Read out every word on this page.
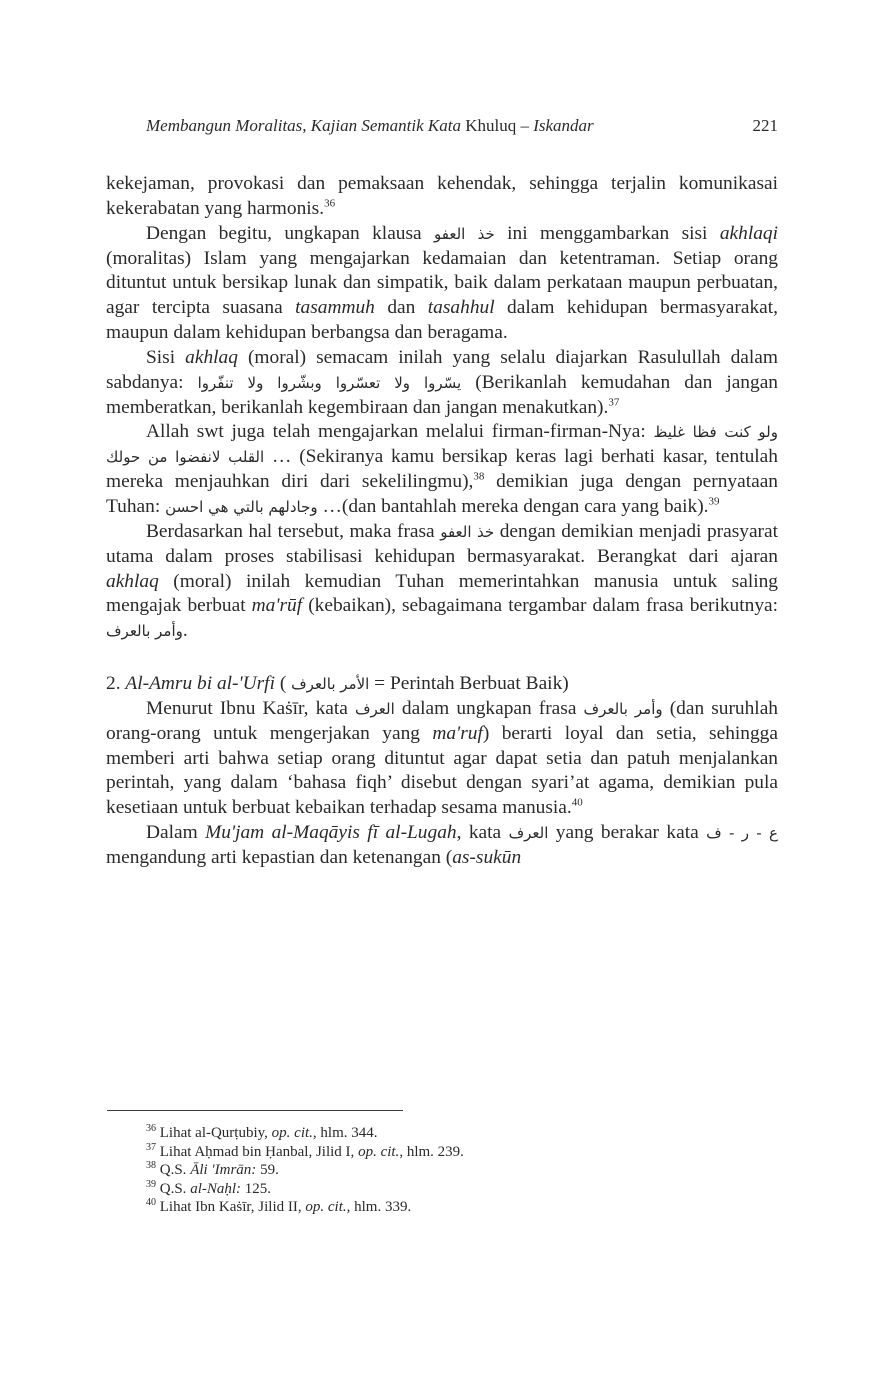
Membangun Moralitas, Kajian Semantik Kata Khuluq – Iskandar	221

kekejaman, provokasi dan pemaksaan kehendak, sehingga terjalin komunikasai kekerabatan yang harmonis.$^{36}$

Dengan begitu, ungkapan klausa خذ العفو ini menggambarkan sisi akhlaqi (moralitas) Islam yang mengajarkan kedamaian dan ketentraman. Setiap orang dituntut untuk bersikap lunak dan simpatik, baik dalam perkataan maupun perbuatan, agar tercipta suasana tasammuh dan tasahhul dalam kehidupan bermasyarakat, maupun dalam kehidupan berbangsa dan beragama.

Sisi akhlaq (moral) semacam inilah yang selalu diajarkan Rasulullah dalam sabdanya: يسّروا ولا تعسّروا وبشّروا ولا تنفّروا (Berikanlah kemudahan dan jangan memberatkan, berikanlah kegembiraan dan jangan menakutkan).$^{37}$

Allah swt juga telah mengajarkan melalui firman-firman-Nya: ولو كنت فظا غليظ القلب لانفضوا من حولك … (Sekiranya kamu bersikap keras lagi berhati kasar, tentulah mereka menjauhkan diri dari sekelilingmu),$^{38}$ demikian juga dengan pernyataan Tuhan: وجادلهم بالتي هي احسن …(dan bantahlah mereka dengan cara yang baik).$^{39}$

Berdasarkan hal tersebut, maka frasa خذ العفو dengan demikian menjadi prasyarat utama dalam proses stabilisasi kehidupan bermasyarakat. Berangkat dari ajaran akhlaq (moral) inilah kemudian Tuhan memerintahkan manusia untuk saling mengajak berbuat ma'rūf (kebaikan), sebagaimana tergambar dalam frasa berikutnya: وأمر بالعرف.

2. Al-Amru bi al-'Urfi ( الأمر بالعرف = Perintah Berbuat Baik)

Menurut Ibnu Kaṡīr, kata العرف dalam ungkapan frasa وأمر بالعرف (dan suruhlah orang-orang untuk mengerjakan yang ma'ruf) berarti loyal dan setia, sehingga memberi arti bahwa setiap orang dituntut agar dapat setia dan patuh menjalankan perintah, yang dalam ‘bahasa fiqh’ disebut dengan syari’at agama, demikian pula kesetiaan untuk berbuat kebaikan terhadap sesama manusia.$^{40}$

Dalam Mu'jam al-Maqāyis fī al-Lugah, kata العرف yang berakar kata ع - ر - ف mengandung arti kepastian dan ketenangan (as-sukūn

$^{36}$ Lihat al-Qurṭubiy, op. cit., hlm. 344.
$^{37}$ Lihat Aḥmad bin Ḥanbal, Jilid I, op. cit., hlm. 239.
$^{38}$ Q.S. Āli 'Imrān: 59.
$^{39}$ Q.S. al-Naḥl: 125.
$^{40}$ Lihat Ibn Kaṡīr, Jilid II, op. cit., hlm. 339.
